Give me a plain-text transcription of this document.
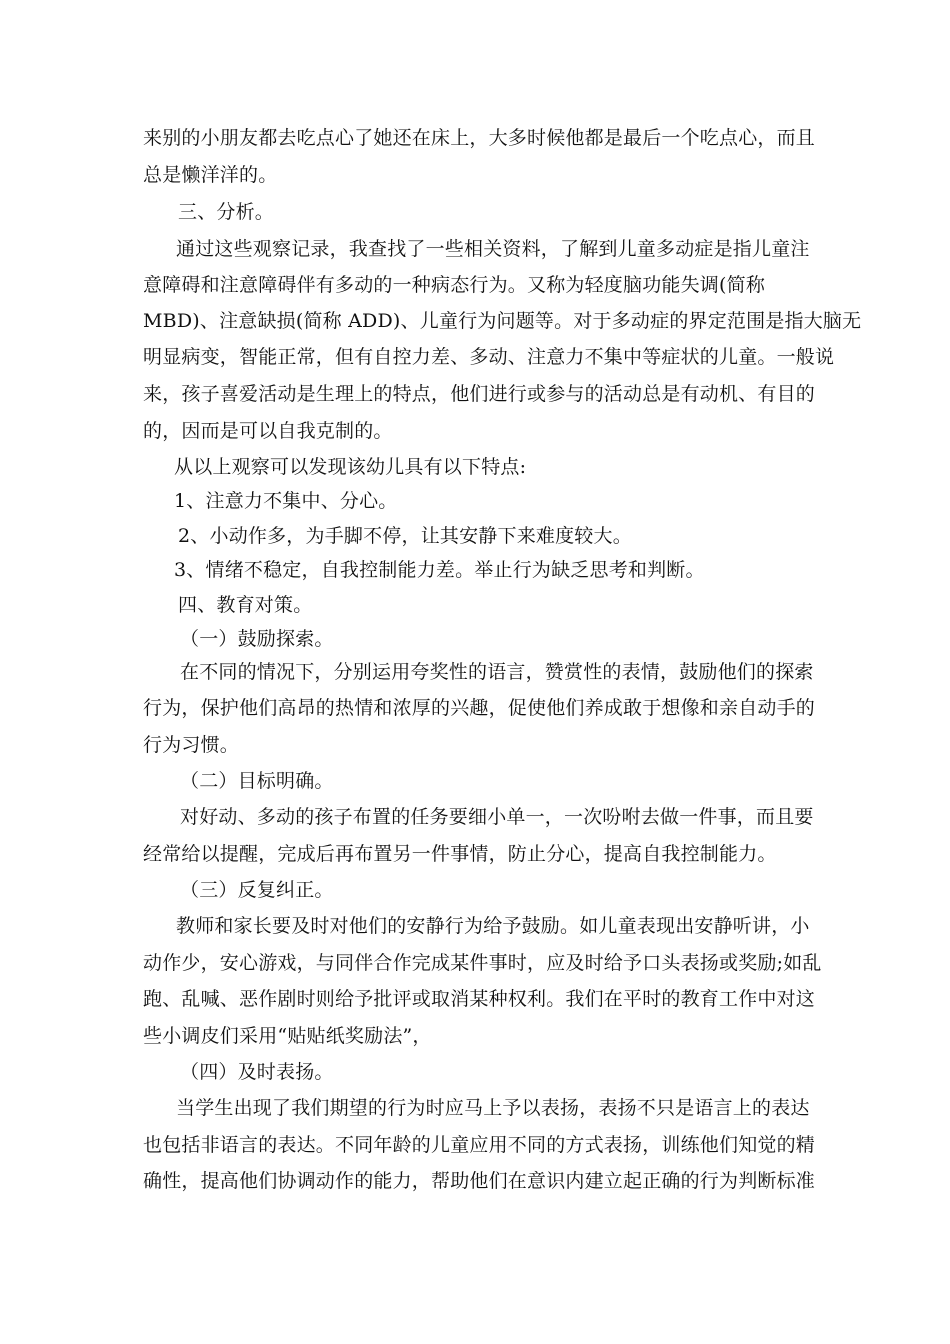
来别的小朋友都去吃点心了她还在床上，大多时候他都是最后一个吃点心，而且
总是懒洋洋的。
三、分析。
通过这些观察记录，我查找了一些相关资料，了解到儿童多动症是指儿童注
意障碍和注意障碍伴有多动的一种病态行为。又称为轻度脑功能失调(简称
MBD)、注意缺损(简称 ADD)、儿童行为问题等。对于多动症的界定范围是指大脑无
明显病变，智能正常，但有自控力差、多动、注意力不集中等症状的儿童。一般说
来，孩子喜爱活动是生理上的特点，他们进行或参与的活动总是有动机、有目的
的，因而是可以自我克制的。
从以上观察可以发现该幼儿具有以下特点:
1、注意力不集中、分心。
2、小动作多，为手脚不停，让其安静下来难度较大。
3、情绪不稳定，自我控制能力差。举止行为缺乏思考和判断。
四、教育对策。
（一）鼓励探索。
在不同的情况下，分别运用夸奖性的语言，赞赏性的表情，鼓励他们的探索
行为，保护他们高昂的热情和浓厚的兴趣，促使他们养成敢于想像和亲自动手的
行为习惯。
（二）目标明确。
对好动、多动的孩子布置的任务要细小单一，一次吩咐去做一件事，而且要
经常给以提醒，完成后再布置另一件事情，防止分心，提高自我控制能力。
（三）反复纠正。
教师和家长要及时对他们的安静行为给予鼓励。如儿童表现出安静听讲，小
动作少，安心游戏，与同伴合作完成某件事时，应及时给予口头表扬或奖励;如乱
跑、乱喊、恶作剧时则给予批评或取消某种权利。我们在平时的教育工作中对这
些小调皮们采用“贴贴纸奖励法”，
（四）及时表扬。
当学生出现了我们期望的行为时应马上予以表扬，表扬不只是语言上的表达
也包括非语言的表达。不同年龄的儿童应用不同的方式表扬，训练他们知觉的精
确性，提高他们协调动作的能力，帮助他们在意识内建立起正确的行为判断标准
